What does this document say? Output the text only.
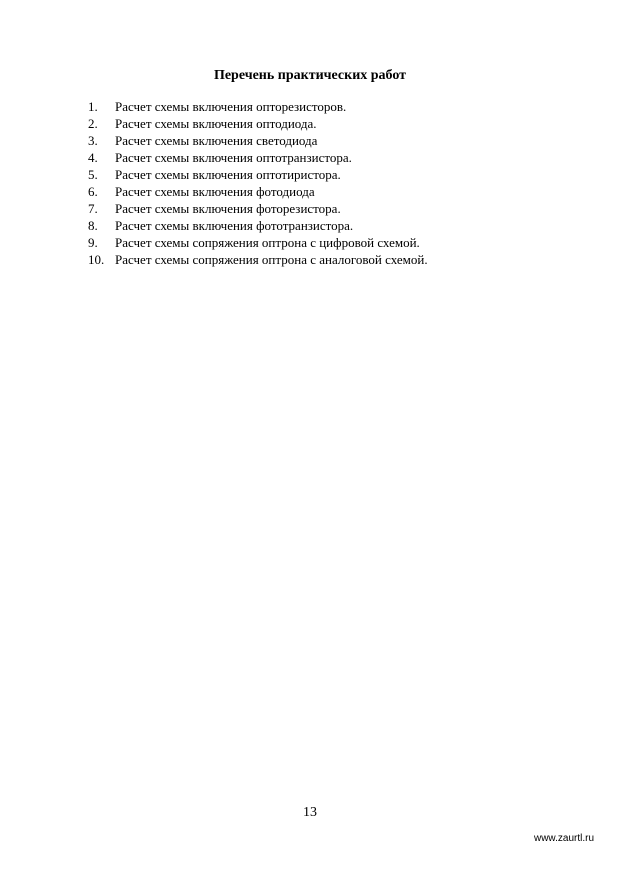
Перечень практических работ
1. Расчет схемы включения опторезисторов.
2. Расчет схемы включения оптодиода.
3. Расчет схемы включения светодиода
4. Расчет схемы включения оптотранзистора.
5. Расчет схемы включения оптотиристора.
6. Расчет схемы включения фотодиода
7. Расчет схемы включения фоторезистора.
8. Расчет схемы включения фототранзистора.
9. Расчет схемы сопряжения оптрона с цифровой схемой.
10. Расчет схемы сопряжения оптрона с аналоговой схемой.
13
www.zaurtl.ru
